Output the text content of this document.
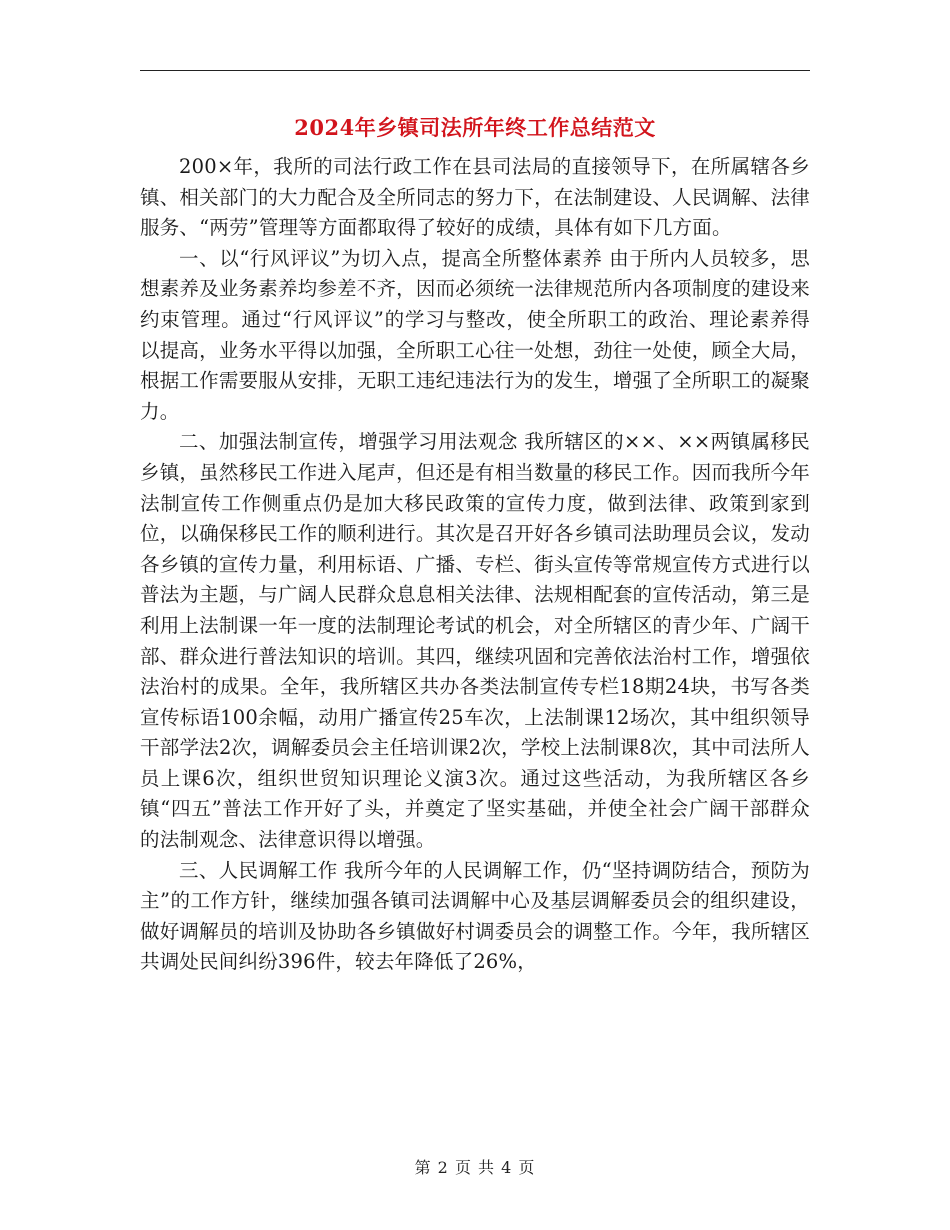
2024年乡镇司法所年终工作总结范文

200×年，我所的司法行政工作在县司法局的直接领导下，在所属辖各乡镇、相关部门的大力配合及全所同志的努力下，在法制建设、人民调解、法律服务、“两劳”管理等方面都取得了较好的成绩，具体有如下几方面。

一、以“行风评议”为切入点，提高全所整体素养 由于所内人员较多，思想素养及业务素养均参差不齐，因而必须统一法律规范所内各项制度的建设来约束管理。通过“行风评议”的学习与整改，使全所职工的政治、理论素养得以提高，业务水平得以加强，全所职工心往一处想，劲往一处使，顾全大局，根据工作需要服从安排，无职工违纪违法行为的发生，增强了全所职工的凝聚力。

二、加强法制宣传，增强学习用法观念 我所辖区的××、××两镇属移民乡镇，虽然移民工作进入尾声，但还是有相当数量的移民工作。因而我所今年法制宣传工作侧重点仍是加大移民政策的宣传力度，做到法律、政策到家到位，以确保移民工作的顺利进行。其次是召开好各乡镇司法助理员会议，发动各乡镇的宣传力量，利用标语、广播、专栏、街头宣传等常规宣传方式进行以普法为主题，与广阔人民群众息息相关法律、法规相配套的宣传活动，第三是利用上法制课一年一度的法制理论考试的机会，对全所辖区的青少年、广阔干部、群众进行普法知识的培训。其四，继续巩固和完善依法治村工作，增强依法治村的成果。全年，我所辖区共办各类法制宣传专栏18期24块，书写各类宣传标语100余幅，动用广播宣传25车次，上法制课12场次，其中组织领导干部学法2次，调解委员会主任培训课2次，学校上法制课8次，其中司法所人员上课6次，组织世贸知识理论义演3次。通过这些活动，为我所辖区各乡镇“四五”普法工作开好了头，并奠定了坚实基础，并使全社会广阔干部群众的法制观念、法律意识得以增强。

三、人民调解工作 我所今年的人民调解工作，仍“坚持调防结合，预防为主”的工作方针，继续加强各镇司法调解中心及基层调解委员会的组织建设，做好调解员的培训及协助各乡镇做好村调委员会的调整工作。今年，我所辖区共调处民间纠纷396件，较去年降低了26%，

第 2 页 共 4 页
